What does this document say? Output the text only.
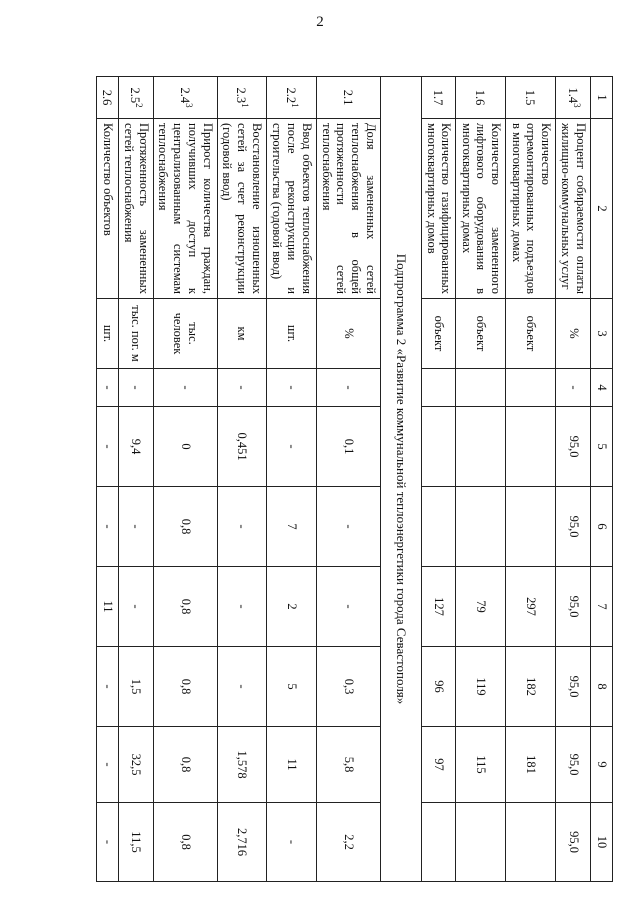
2
1	2	3	4	5	6	7	8	9	10
$1.4^3$	Процент собираемости оплаты жилищно-коммунальных услуг	%	-	95,0	95,0	95,0	95,0	95,0	95,0
1.5	Количество отремонтированных подъездов в многоквартирных домах	объект				297	182	181	
1.6	Количество замененного лифтового оборудования в многоквартирных домах	объект				79	119	115	
1.7	Количество газифицированных многоквартирных домов	объект				127	96	97	
Подпрограмма 2 «Развитие коммунальной теплоэнергетики города Севастополя»									
2.1	Доля замененных сетей теплоснабжения в общей протяженности сетей теплоснабжения	%	-	0,1	-	-	0,3	5,8	2,2
$2.2^1$	Ввод объектов теплоснабжения после реконструкции и строительства (годовой ввод)	шт.	-	-	7	2	5	11	-
$2.3^1$	Восстановление изношенных сетей за счет реконструкции (годовой ввод)	км	-	0,451	-	-	-	1,578	2,716
$2.4^3$	Прирост количества граждан, получивших доступ к централизованным системам теплоснабжения	тыс. человек	-	0	0,8	0,8	0,8	0,8	0,8
$2.5^2$	Протяженность замененных сетей теплоснабжения	тыс. пог. м	-	9,4	-	-	1,5	32,5	11,5
2.6	Количество объектов	шт.	-	-	-	11	-	-	-
